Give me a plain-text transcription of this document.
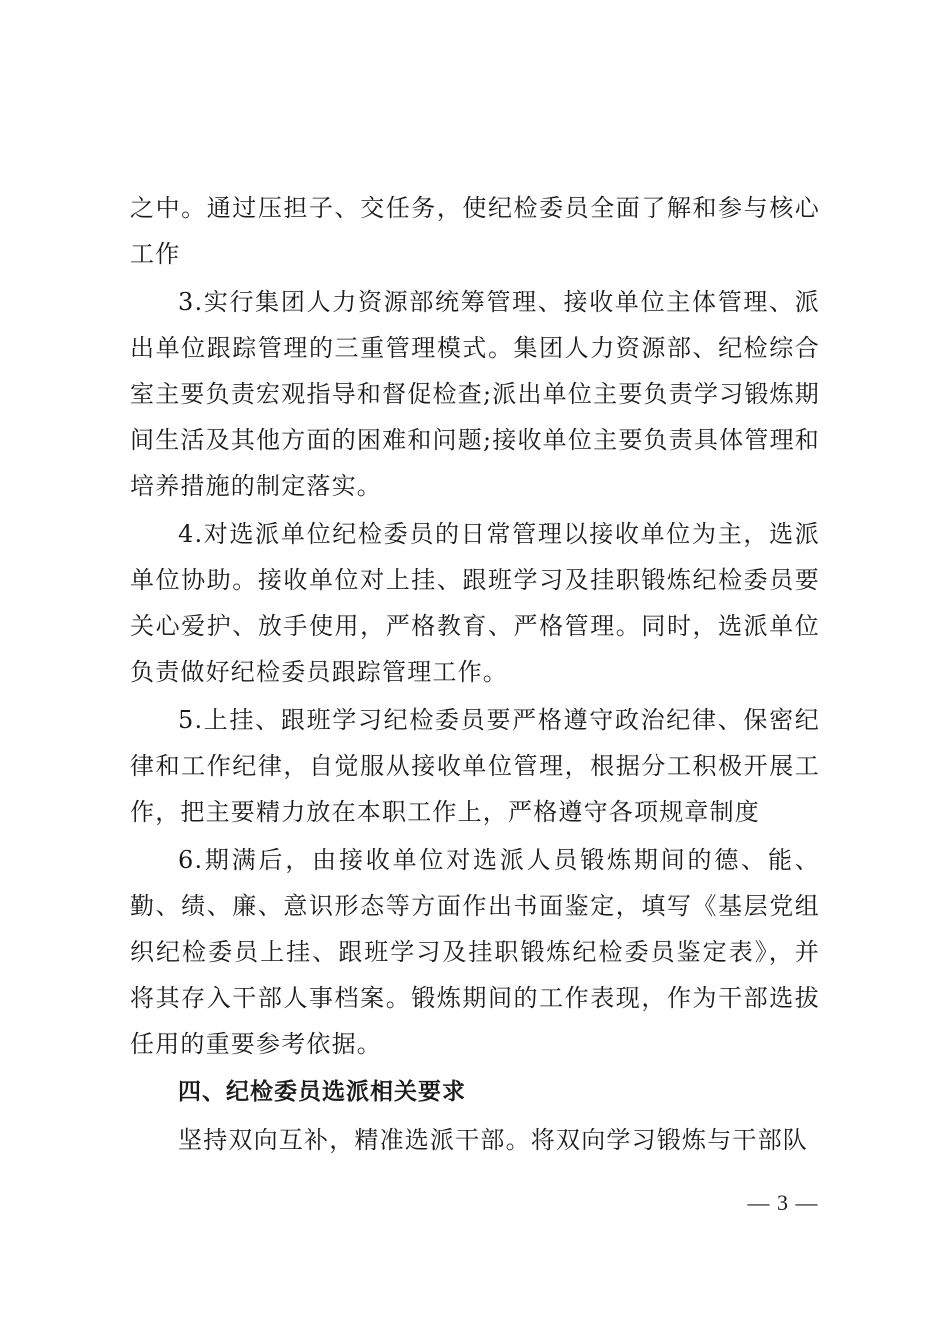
之中。通过压担子、交任务，使纪检委员全面了解和参与核心工作

3.实行集团人力资源部统筹管理、接收单位主体管理、派出单位跟踪管理的三重管理模式。集团人力资源部、纪检综合室主要负责宏观指导和督促检查;派出单位主要负责学习锻炼期间生活及其他方面的困难和问题;接收单位主要负责具体管理和培养措施的制定落实。

4.对选派单位纪检委员的日常管理以接收单位为主，选派单位协助。接收单位对上挂、跟班学习及挂职锻炼纪检委员要关心爱护、放手使用，严格教育、严格管理。同时，选派单位负责做好纪检委员跟踪管理工作。

5.上挂、跟班学习纪检委员要严格遵守政治纪律、保密纪律和工作纪律，自觉服从接收单位管理，根据分工积极开展工作，把主要精力放在本职工作上，严格遵守各项规章制度

6.期满后，由接收单位对选派人员锻炼期间的德、能、勤、绩、廉、意识形态等方面作出书面鉴定，填写《基层党组织纪检委员上挂、跟班学习及挂职锻炼纪检委员鉴定表》，并将其存入干部人事档案。锻炼期间的工作表现，作为干部选拔任用的重要参考依据。

四、纪检委员选派相关要求

坚持双向互补，精准选派干部。将双向学习锻炼与干部队

— 3 —
